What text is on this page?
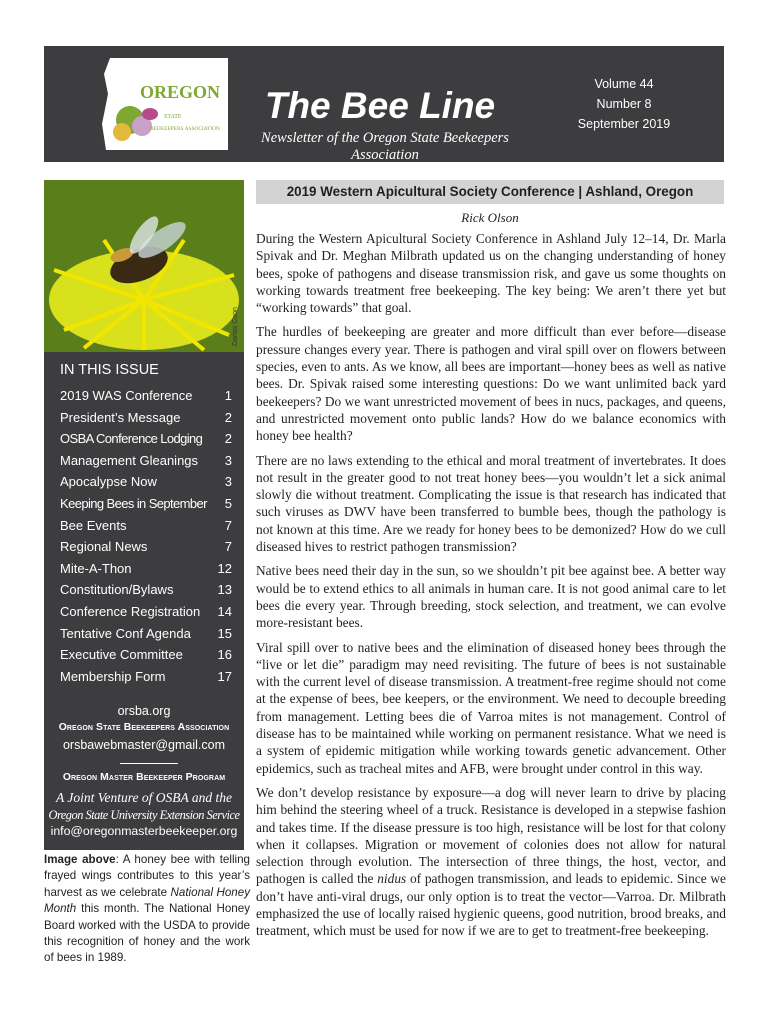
OREGON
STATE
BEEKEEPERS ASSOCIATION
The Bee Line
Newsletter of the Oregon State Beekeepers Association
Volume 44
Number 8
September 2019
Darlas Coon
IN THIS ISSUE
2019 WAS Conference 1
President’s Message	2
OSBA Conference Lodging 2
Management Gleanings 3
Apocalypse Now	3
Keeping Bees in September 5
Bee Events	7
Regional News	7
Mite-A-Thon	12
Constitution/Bylaws	13
Conference Registration 14
Tentative Conf Agenda 15
Executive Committee	16
Membership Form	17
orsba.org
Oregon State Beekeepers Association
orsbawebmaster@gmail.com
Oregon Master Beekeeper Program
A Joint Venture of OSBA and the
Oregon State University Extension Service
info@oregonmasterbeekeeper.org
Image above: A honey bee with telling frayed wings contributes to this year’s harvest as we celebrate National Honey Month this month. The National Honey Board worked with the USDA to provide this recognition of honey and the work of bees in 1989.
2019 Western Apicultural Society Conference | Ashland, Oregon
Rick Olson

During the Western Apicultural Society Conference in Ashland July 12–14, Dr. Marla Spivak and Dr. Meghan Milbrath updated us on the changing understanding of honey bees, spoke of pathogens and disease transmission risk, and gave us some thoughts on working towards treatment free beekeeping. The key being: We aren’t there yet but “working towards” that goal.

The hurdles of beekeeping are greater and more difficult than ever before—disease pressure changes every year. There is pathogen and viral spill over on flowers between species, even to ants. As we know, all bees are important—honey bees as well as native bees. Dr. Spivak raised some interesting questions: Do we want unlimited back yard beekeepers? Do we want unrestricted movement of bees in nucs, packages, and queens, and unrestricted movement onto public lands? How do we balance economics with honey bee health?

There are no laws extending to the ethical and moral treatment of invertebrates. It does not result in the greater good to not treat honey bees—you wouldn’t let a sick animal slowly die without treatment. Complicating the issue is that research has indicated that such viruses as DWV have been transferred to bumble bees, though the pathology is not known at this time. Are we ready for honey bees to be demonized? How do we cull diseased hives to restrict pathogen transmission?

Native bees need their day in the sun, so we shouldn’t pit bee against bee. A better way would be to extend ethics to all animals in human care. It is not good animal care to let bees die every year. Through breeding, stock selection, and treatment, we can evolve more-resistant bees.

Viral spill over to native bees and the elimination of diseased honey bees through the “live or let die” paradigm may need revisiting. The future of bees is not sustainable with the current level of disease transmission. A treatment-free regime should not come at the expense of bees, bee keepers, or the environment. We need to decouple breeding from management. Letting bees die of Varroa mites is not management. Control of disease has to be maintained while working on permanent resistance. What we need is a system of epidemic mitigation while working towards genetic advancement. Other epidemics, such as tracheal mites and AFB, were brought under control in this way.

We don’t develop resistance by exposure—a dog will never learn to drive by placing him behind the steering wheel of a truck. Resistance is developed in a stepwise fashion and takes time. If the disease pressure is too high, resistance will be lost for that colony when it collapses. Migration or movement of colonies does not allow for natural selection through evolution. The intersection of three things, the host, vector, and pathogen is called the nidus of pathogen transmission, and leads to epidemic. Since we don’t have anti-viral drugs, our only option is to treat the vector—Varroa. Dr. Milbrath emphasized the use of locally raised hygienic queens, good nutrition, brood breaks, and treatment, which must be used for now if we are to get to treatment-free beekeeping.
